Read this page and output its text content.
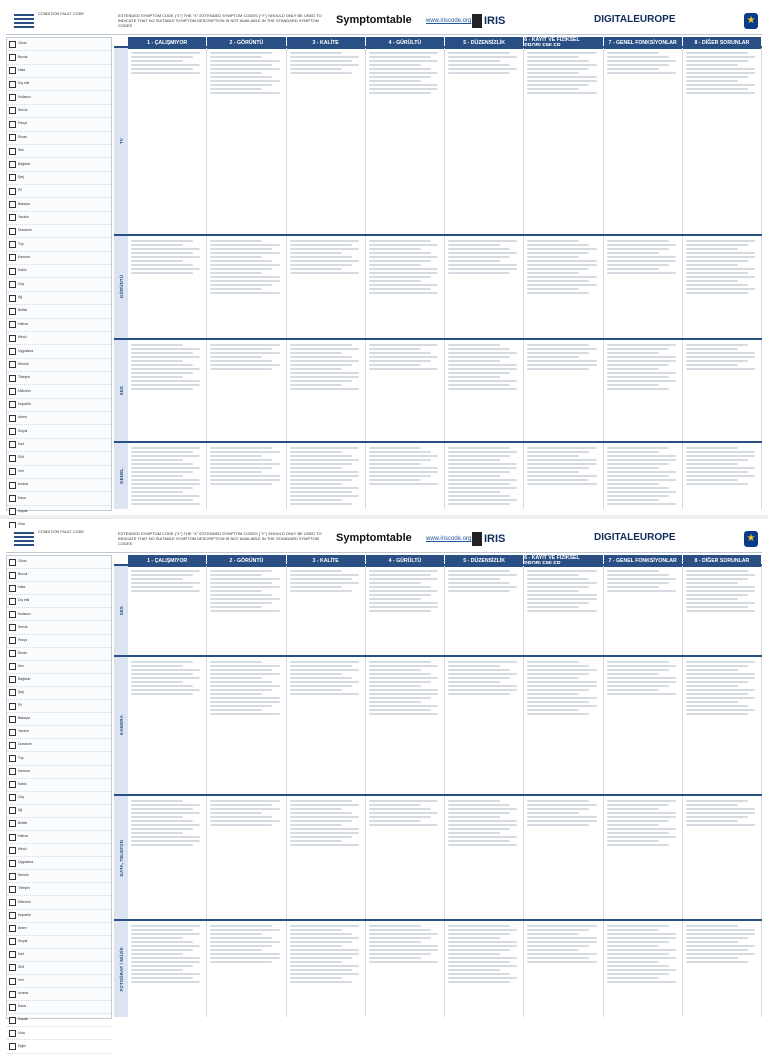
CONDITION FAULT CODE	EXTENDED SYMPTOM CODE ("1") THE "X" EXTENDED SYMPTOM CODES ("Y") SHOULD ONLY BE USED TO INDICATE THAT NO SUITABLE SYMPTOM DESCRIPTION IS NOT AVAILABLE IN THE STANDARD SYMPTOM CODES	Symptomtable www.iriscode.org IRIS	DIGITALEUROPE	★
Cihaz
Bozuk
Hata
Dış etki
Kullanıcı
Servis
Parça
Ekran
Ses
Bağlantı
Şarj
Pil
Batarya
Yazılım
Donanım
Tuş
Kamera
Kablo
Güç
Ağ
Bellek
Hafıza
Menü
Uygulama
Sensör
Titreşim
Mikrofon
Hoparlör
Anten
Sinyal
Kart
SIM
Veri
Isınma
Kasa
Kapak
Vida
1 - ÇALIŞMIYOR	2 - GÖRÜNTÜ	3 - KALİTE	4 - GÜRÜLTÜ	5 - DÜZENSİZLİK	6 - KAYIT VE FİZİKSEL PROBLEMLER	7 - GENEL FONKSİYONLAR	8 - DİĞER SORUNLAR
TV
GÖRÜNTÜ
SES
GENEL
CONDITION FAULT CODE	EXTENDED SYMPTOM CODE ("1") THE "X" EXTENDED SYMPTOM CODES ("Y") SHOULD ONLY BE USED TO INDICATE THAT NO SUITABLE SYMPTOM DESCRIPTION IS NOT AVAILABLE IN THE STANDARD SYMPTOM CODES	Symptomtable www.iriscode.org IRIS	DIGITALEUROPE	★
Cihaz
Bozuk
Hata
Dış etki
Kullanıcı
Servis
Parça
Ekran
Ses
Bağlantı
Şarj
Pil
Batarya
Yazılım
Donanım
Tuş
Kamera
Kablo
Güç
Ağ
Bellek
Hafıza
Menü
Uygulama
Sensör
Titreşim
Mikrofon
Hoparlör
Anten
Sinyal
Kart
SIM
Veri
Isınma
Kasa
Kapak
Vida
Diğer
1 - ÇALIŞMIYOR	2 - GÖRÜNTÜ	3 - KALİTE	4 - GÜRÜLTÜ	5 - DÜZENSİZLİK	6 - KAYIT VE FİZİKSEL PROBLEMLER	7 - GENEL FONKSİYONLAR	8 - DİĞER SORUNLAR
SES
KAMERA
DATA, TELEFON
FOTOĞRAF / MÜZİK
